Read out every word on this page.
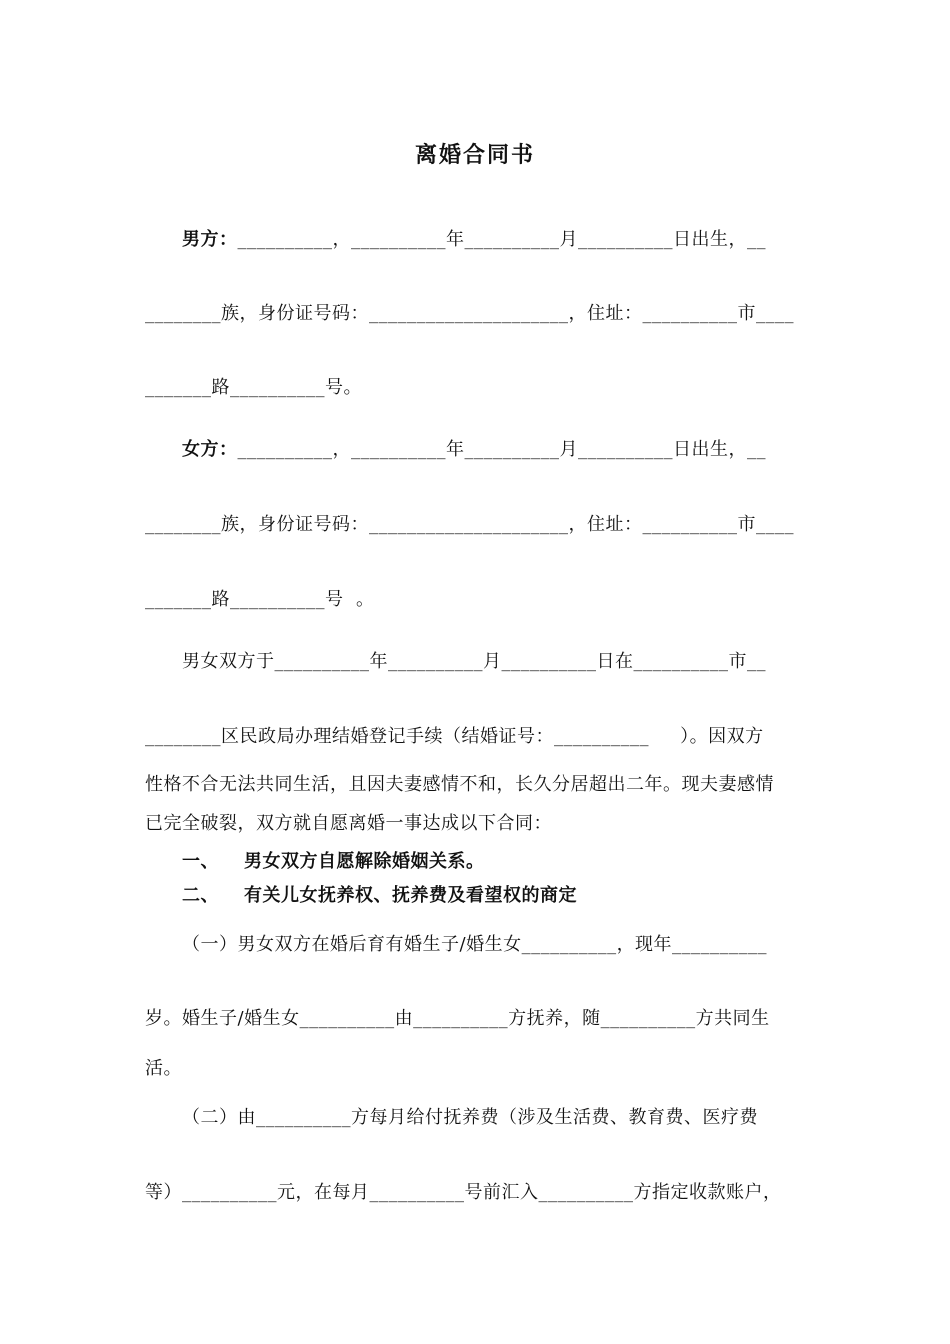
离婚合同书
男方：__________，__________年__________月__________日出生，__
________族，身份证号码：_____________________，住址：__________市____
_______路__________号。
女方：__________，__________年__________月__________日出生，__
________族，身份证号码：_____________________，住址：__________市____
_______路__________号  。
男女双方于__________年__________月__________日在__________市__
________区民政局办理结婚登记手续（结婚证号：__________     ）。因双方
性格不合无法共同生活，且因夫妻感情不和，长久分居超出二年。现夫妻感情
已完全破裂，双方就自愿离婚一事达成以下合同：
一、 男女双方自愿解除婚姻关系。
二、 有关儿女抚养权、抚养费及看望权的商定
（一）男女双方在婚后育有婚生子/婚生女__________，现年__________
岁。婚生子/婚生女__________由__________方抚养，随__________方共同生
活。
（二）由__________方每月给付抚养费（涉及生活费、教育费、医疗费
等）__________元，在每月__________号前汇入__________方指定收款账户，
